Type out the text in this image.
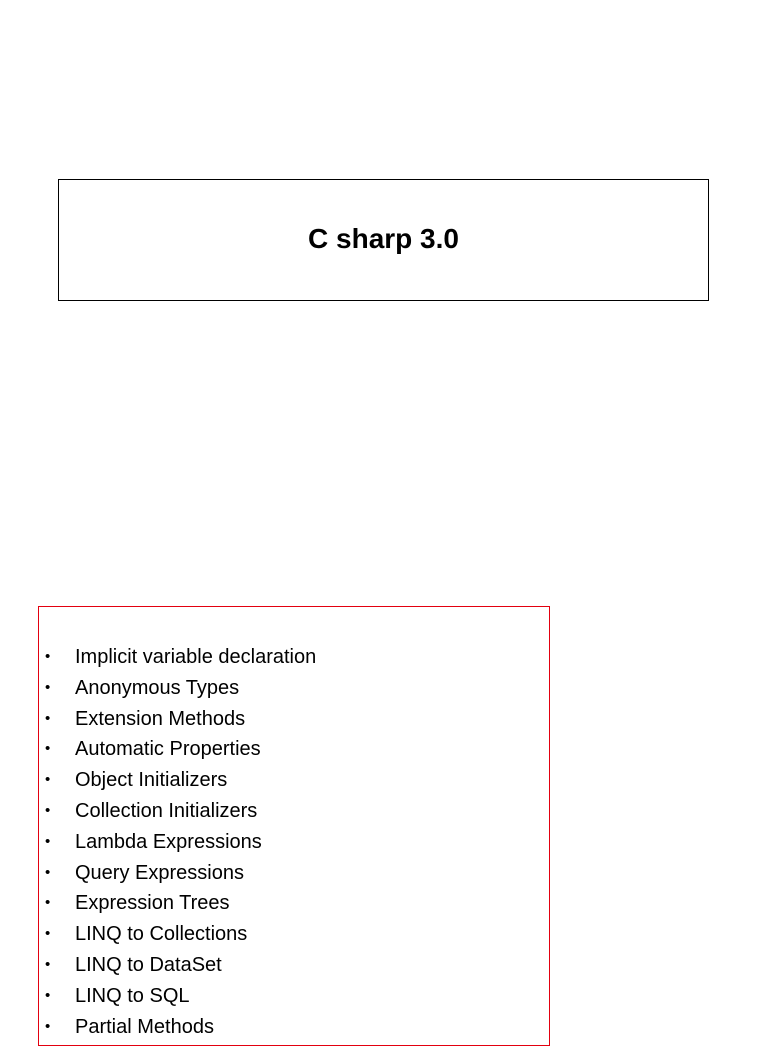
C sharp 3.0
• Implicit variable declaration
• Anonymous Types
• Extension Methods
• Automatic Properties
• Object Initializers
• Collection Initializers
• Lambda Expressions
• Query Expressions
• Expression Trees
• LINQ to Collections
• LINQ to DataSet
• LINQ to SQL
• Partial Methods
